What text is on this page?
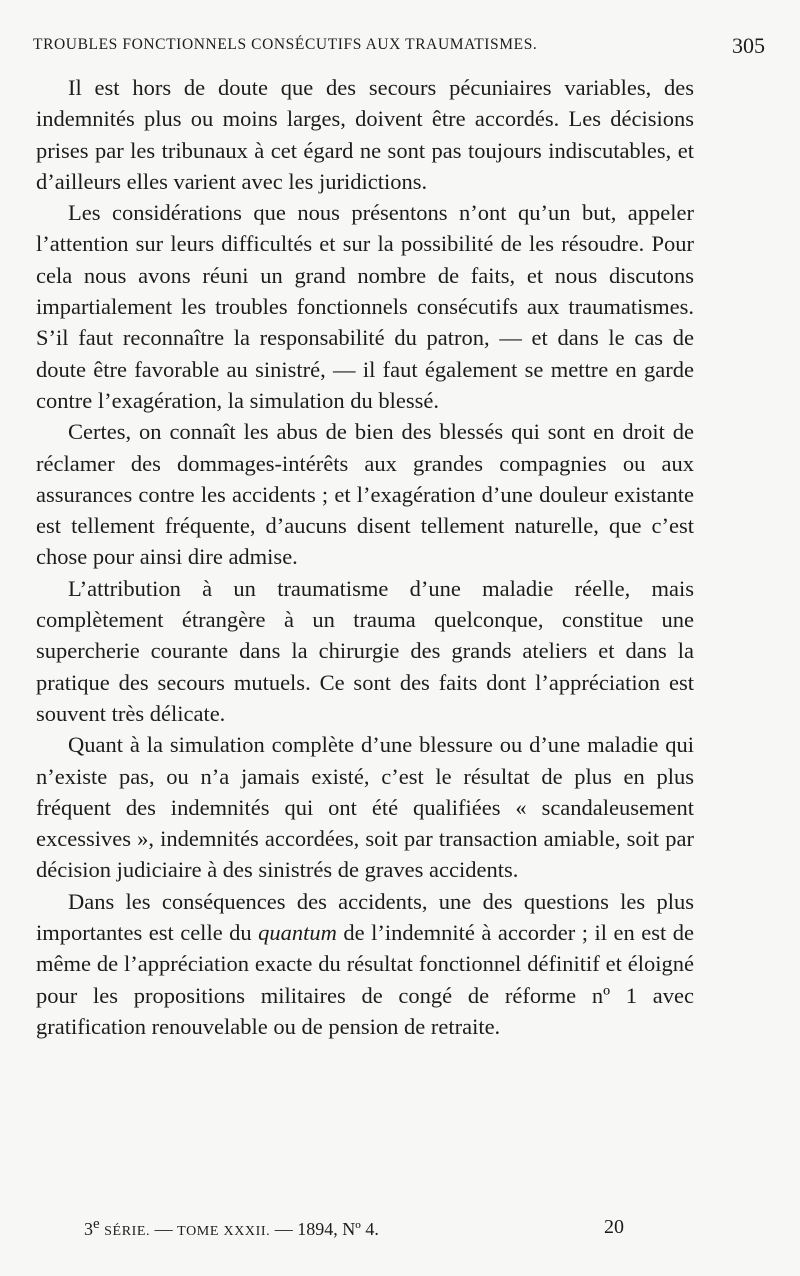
TROUBLES FONCTIONNELS CONSÉCUTIFS AUX TRAUMATISMES.	305

Il est hors de doute que des secours pécuniaires variables, des indemnités plus ou moins larges, doivent être accordés. Les décisions prises par les tribunaux à cet égard ne sont pas toujours indiscutables, et d’ailleurs elles varient avec les juridictions.

Les considérations que nous présentons n’ont qu’un but, appeler l’attention sur leurs difficultés et sur la possibilité de les résoudre. Pour cela nous avons réuni un grand nombre de faits, et nous discutons impartialement les troubles fonctionnels consécutifs aux traumatismes. S’il faut reconnaître la responsabilité du patron, — et dans le cas de doute être favorable au sinistré, — il faut également se mettre en garde contre l’exagération, la simulation du blessé.

Certes, on connaît les abus de bien des blessés qui sont en droit de réclamer des dommages-intérêts aux grandes compagnies ou aux assurances contre les accidents ; et l’exagération d’une douleur existante est tellement fréquente, d’aucuns disent tellement naturelle, que c’est chose pour ainsi dire admise.

L’attribution à un traumatisme d’une maladie réelle, mais complètement étrangère à un trauma quelconque, constitue une supercherie courante dans la chirurgie des grands ateliers et dans la pratique des secours mutuels. Ce sont des faits dont l’appréciation est souvent très délicate.

Quant à la simulation complète d’une blessure ou d’une maladie qui n’existe pas, ou n’a jamais existé, c’est le résultat de plus en plus fréquent des indemnités qui ont été qualifiées « scandaleusement excessives », indemnités accordées, soit par transaction amiable, soit par décision judiciaire à des sinistrés de graves accidents.

Dans les conséquences des accidents, une des questions les plus importantes est celle du quantum de l’indemnité à accorder ; il en est de même de l’appréciation exacte du résultat fonctionnel définitif et éloigné pour les propositions militaires de congé de réforme nº 1 avec gratification renouvelable ou de pension de retraite.

3e SÉRIE. — TOME XXXII. — 1894, Nº 4.	20
